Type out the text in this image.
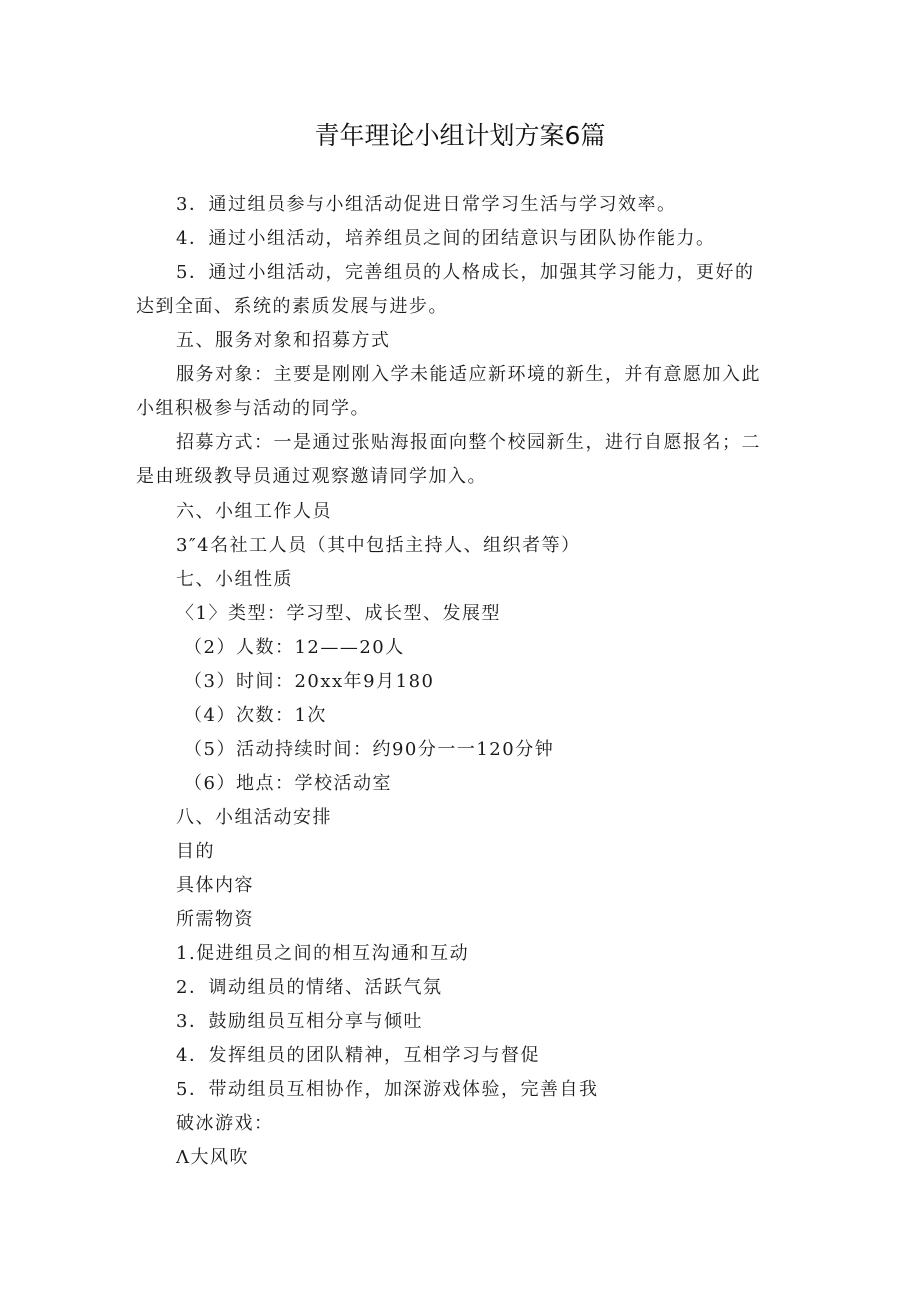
青年理论小组计划方案6篇
3．通过组员参与小组活动促进日常学习生活与学习效率。
4．通过小组活动，培养组员之间的团结意识与团队协作能力。
5．通过小组活动，完善组员的人格成长，加强其学习能力，更好的
达到全面、系统的素质发展与进步。
五、服务对象和招募方式
服务对象：主要是刚刚入学未能适应新环境的新生，并有意愿加入此
小组积极参与活动的同学。
招募方式：一是通过张贴海报面向整个校园新生，进行自愿报名；二
是由班级教导员通过观察邀请同学加入。
六、小组工作人员
3″4名社工人员（其中包括主持人、组织者等）
七、小组性质
〈1〉类型：学习型、成长型、发展型
（2）人数：12——20人
（3）时间：20xx年9月180
（4）次数：1次
（5）活动持续时间：约90分一一120分钟
（6）地点：学校活动室
八、小组活动安排
目的
具体内容
所需物资
1.促进组员之间的相互沟通和互动
2．调动组员的情绪、活跃气氛
3．鼓励组员互相分享与倾吐
4．发挥组员的团队精神，互相学习与督促
5．带动组员互相协作，加深游戏体验，完善自我
破冰游戏：
Λ大风吹
